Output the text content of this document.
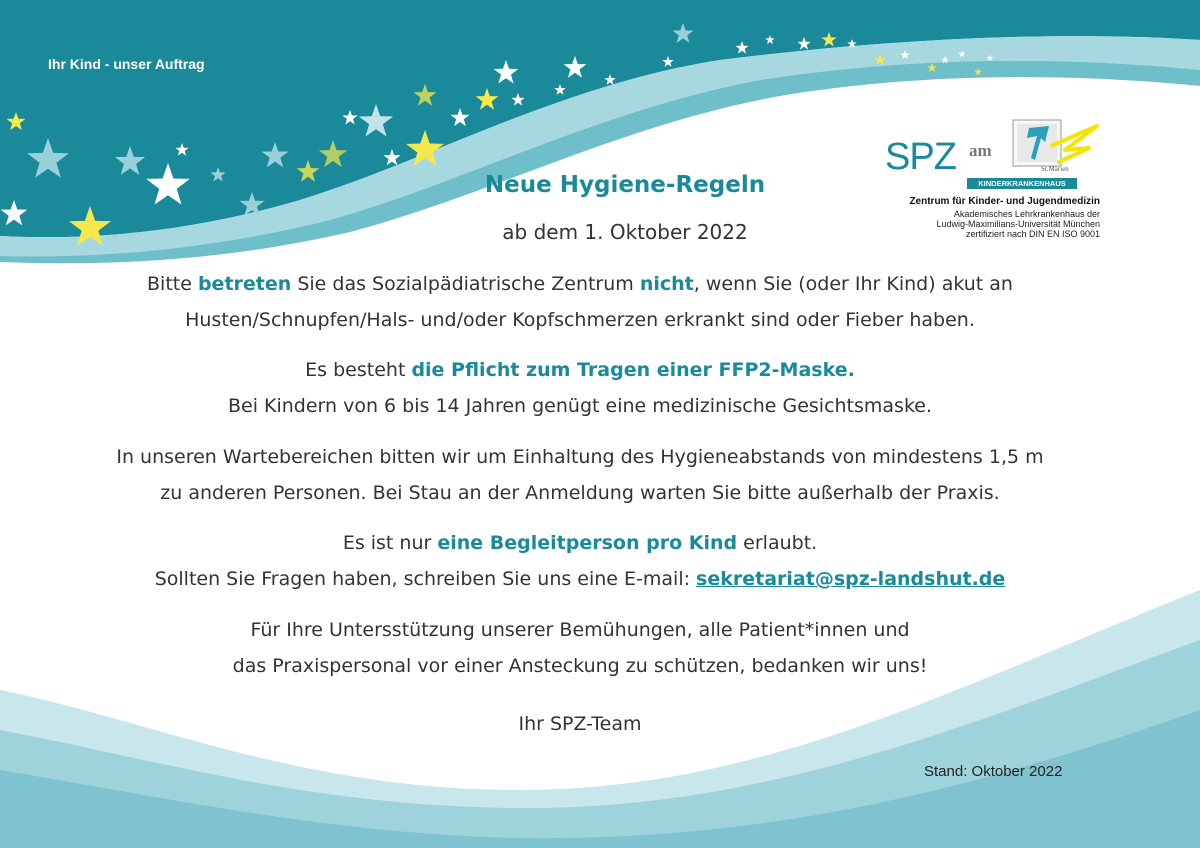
Ihr Kind - unser Auftrag
SPZ am
St.Marien
KINDERKRANKENHAUS
Zentrum für Kinder- und Jugendmedizin
Akademisches Lehrkrankenhaus der
Ludwig-Maximilians-Universität München
zertifiziert nach DIN EN ISO 9001
Neue Hygiene-Regeln
ab dem 1. Oktober 2022
Bitte betreten Sie das Sozialpädiatrische Zentrum nicht, wenn Sie (oder Ihr Kind) akut an
Husten/Schnupfen/Hals- und/oder Kopfschmerzen erkrankt sind oder Fieber haben.
Es besteht die Pflicht zum Tragen einer FFP2-Maske.
Bei Kindern von 6 bis 14 Jahren genügt eine medizinische Gesichtsmaske.
In unseren Wartebereichen bitten wir um Einhaltung des Hygieneabstands von mindestens 1,5 m
zu anderen Personen. Bei Stau an der Anmeldung warten Sie bitte außerhalb der Praxis.
Es ist nur eine Begleitperson pro Kind erlaubt.
Sollten Sie Fragen haben, schreiben Sie uns eine E-mail: sekretariat@spz-landshut.de
Für Ihre Untersstützung unserer Bemühungen, alle Patient*innen und
das Praxispersonal vor einer Ansteckung zu schützen, bedanken wir uns!
Ihr SPZ-Team
Stand: Oktober 2022
